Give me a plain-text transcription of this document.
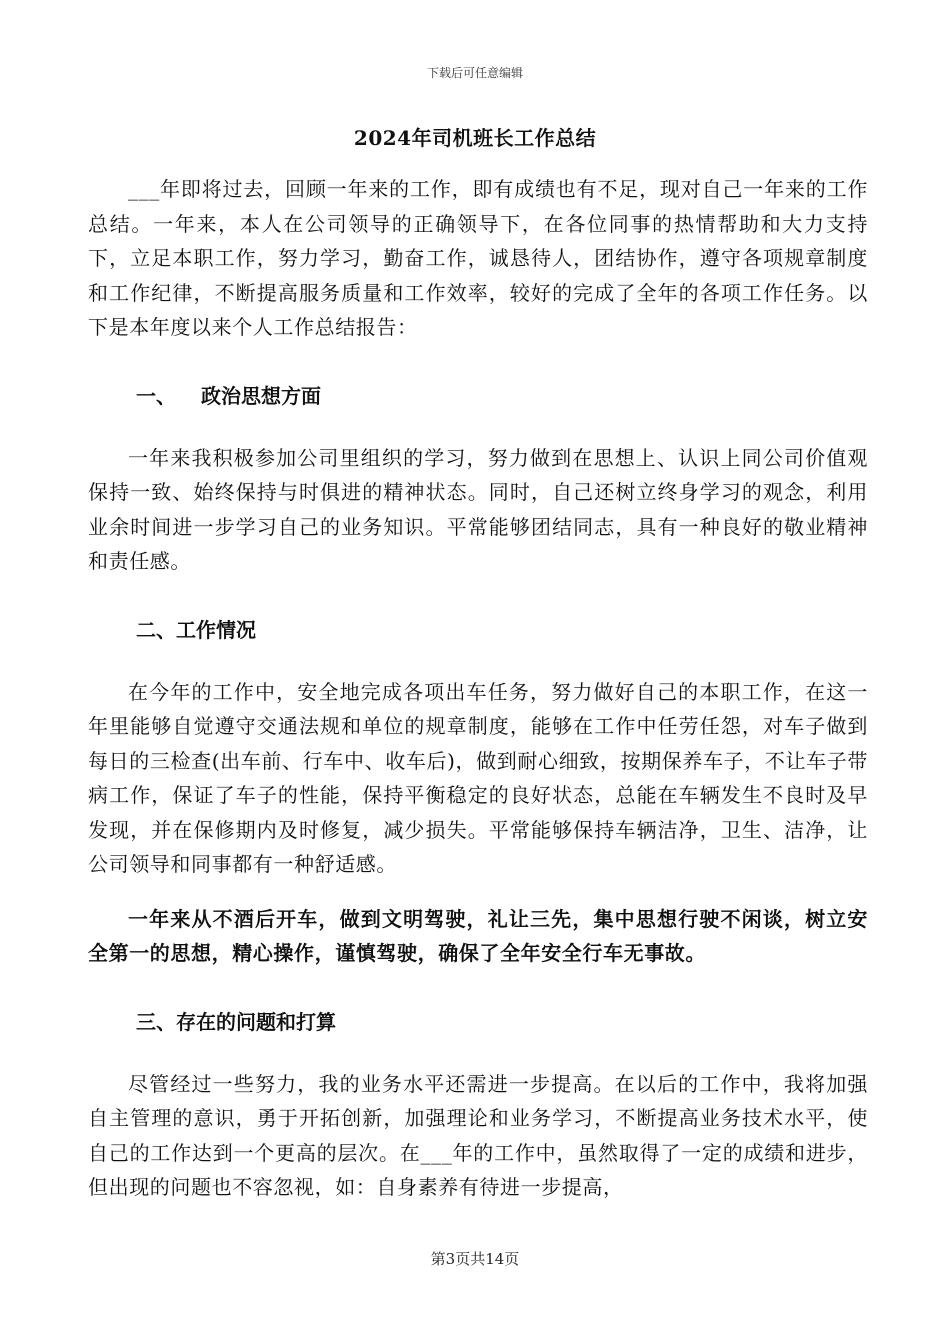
下载后可任意编辑
2024年司机班长工作总结

___年即将过去，回顾一年来的工作，即有成绩也有不足，现对自己一年来的工作总结。一年来，本人在公司领导的正确领导下，在各位同事的热情帮助和大力支持下，立足本职工作，努力学习，勤奋工作，诚恳待人，团结协作，遵守各项规章制度和工作纪律，不断提高服务质量和工作效率，较好的完成了全年的各项工作任务。以下是本年度以来个人工作总结报告：

一、 政治思想方面

一年来我积极参加公司里组织的学习，努力做到在思想上、认识上同公司价值观保持一致、始终保持与时俱进的精神状态。同时，自己还树立终身学习的观念，利用业余时间进一步学习自己的业务知识。平常能够团结同志，具有一种良好的敬业精神和责任感。

二、工作情况

在今年的工作中，安全地完成各项出车任务，努力做好自己的本职工作，在这一年里能够自觉遵守交通法规和单位的规章制度，能够在工作中任劳任怨，对车子做到每日的三检查(出车前、行车中、收车后)，做到耐心细致，按期保养车子，不让车子带病工作，保证了车子的性能，保持平衡稳定的良好状态，总能在车辆发生不良时及早发现，并在保修期内及时修复，减少损失。平常能够保持车辆洁净，卫生、洁净，让公司领导和同事都有一种舒适感。

一年来从不酒后开车，做到文明驾驶，礼让三先，集中思想行驶不闲谈，树立安全第一的思想，精心操作，谨慎驾驶，确保了全年安全行车无事故。

三、存在的问题和打算

尽管经过一些努力，我的业务水平还需进一步提高。在以后的工作中，我将加强自主管理的意识，勇于开拓创新，加强理论和业务学习，不断提高业务技术水平，使自己的工作达到一个更高的层次。在___年的工作中，虽然取得了一定的成绩和进步，但出现的问题也不容忽视，如：自身素养有待进一步提高，

第3页共14页
